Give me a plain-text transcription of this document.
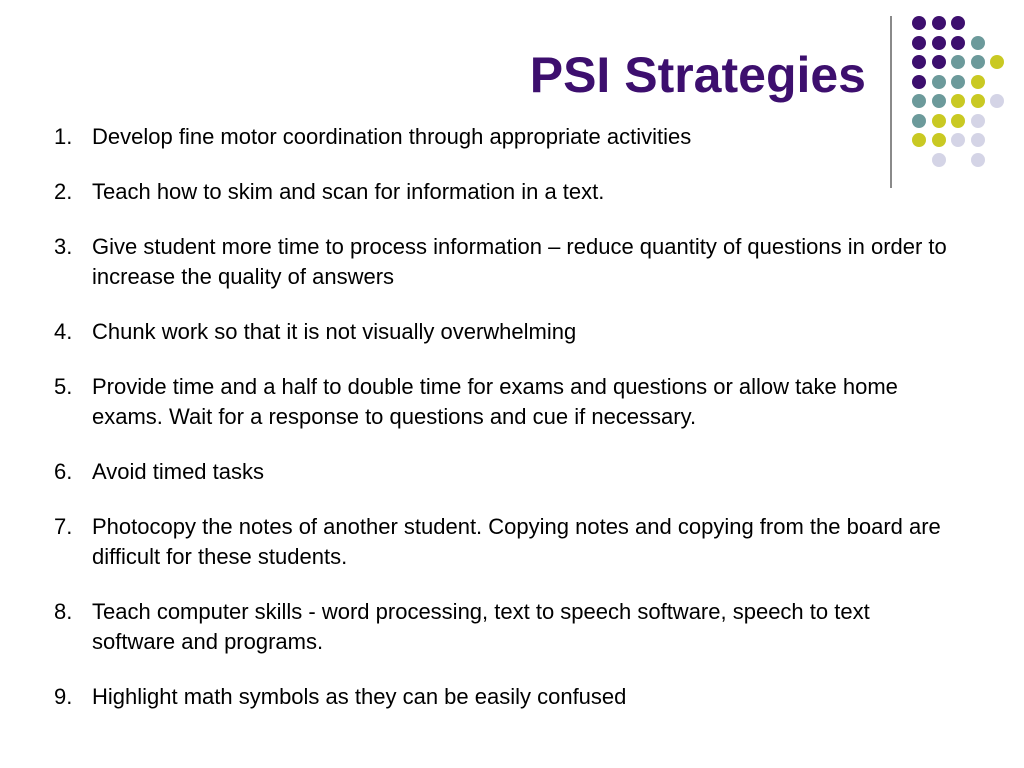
PSI Strategies
1. Develop fine motor coordination through appropriate activities
2. Teach how to skim and scan for information in a text.
3. Give student more time to process information – reduce quantity of questions in order to increase the quality of answers
4. Chunk work so that it is not visually overwhelming
5. Provide time and a half to double time for exams and questions or allow take home exams. Wait for a response to questions and cue if necessary.
6. Avoid timed tasks
7. Photocopy the notes of another student. Copying notes and copying from the board are difficult for these students.
8. Teach computer skills - word processing, text to speech software, speech to text software and programs.
9. Highlight math symbols as they can be easily confused
